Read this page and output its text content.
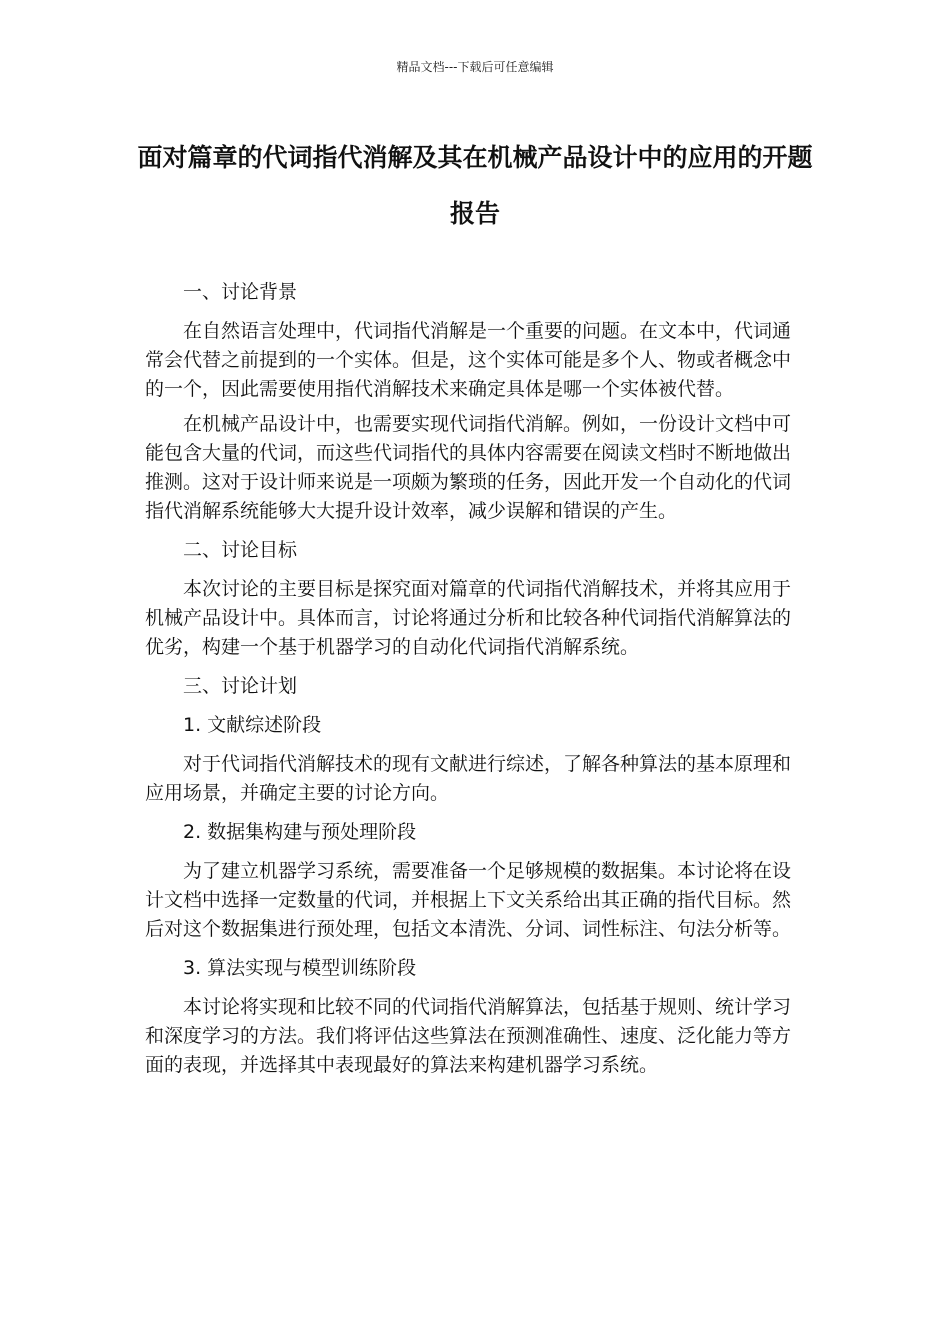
精品文档---下载后可任意编辑

面对篇章的代词指代消解及其在机械产品设计中的应用的开题报告

一、讨论背景

在自然语言处理中，代词指代消解是一个重要的问题。在文本中，代词通常会代替之前提到的一个实体。但是，这个实体可能是多个人、物或者概念中的一个，因此需要使用指代消解技术来确定具体是哪一个实体被代替。

在机械产品设计中，也需要实现代词指代消解。例如，一份设计文档中可能包含大量的代词，而这些代词指代的具体内容需要在阅读文档时不断地做出推测。这对于设计师来说是一项颇为繁琐的任务，因此开发一个自动化的代词指代消解系统能够大大提升设计效率，减少误解和错误的产生。

二、讨论目标

本次讨论的主要目标是探究面对篇章的代词指代消解技术，并将其应用于机械产品设计中。具体而言，讨论将通过分析和比较各种代词指代消解算法的优劣，构建一个基于机器学习的自动化代词指代消解系统。

三、讨论计划

1. 文献综述阶段

对于代词指代消解技术的现有文献进行综述，了解各种算法的基本原理和应用场景，并确定主要的讨论方向。

2. 数据集构建与预处理阶段

为了建立机器学习系统，需要准备一个足够规模的数据集。本讨论将在设计文档中选择一定数量的代词，并根据上下文关系给出其正确的指代目标。然后对这个数据集进行预处理，包括文本清洗、分词、词性标注、句法分析等。

3. 算法实现与模型训练阶段

本讨论将实现和比较不同的代词指代消解算法，包括基于规则、统计学习和深度学习的方法。我们将评估这些算法在预测准确性、速度、泛化能力等方面的表现，并选择其中表现最好的算法来构建机器学习系统。
